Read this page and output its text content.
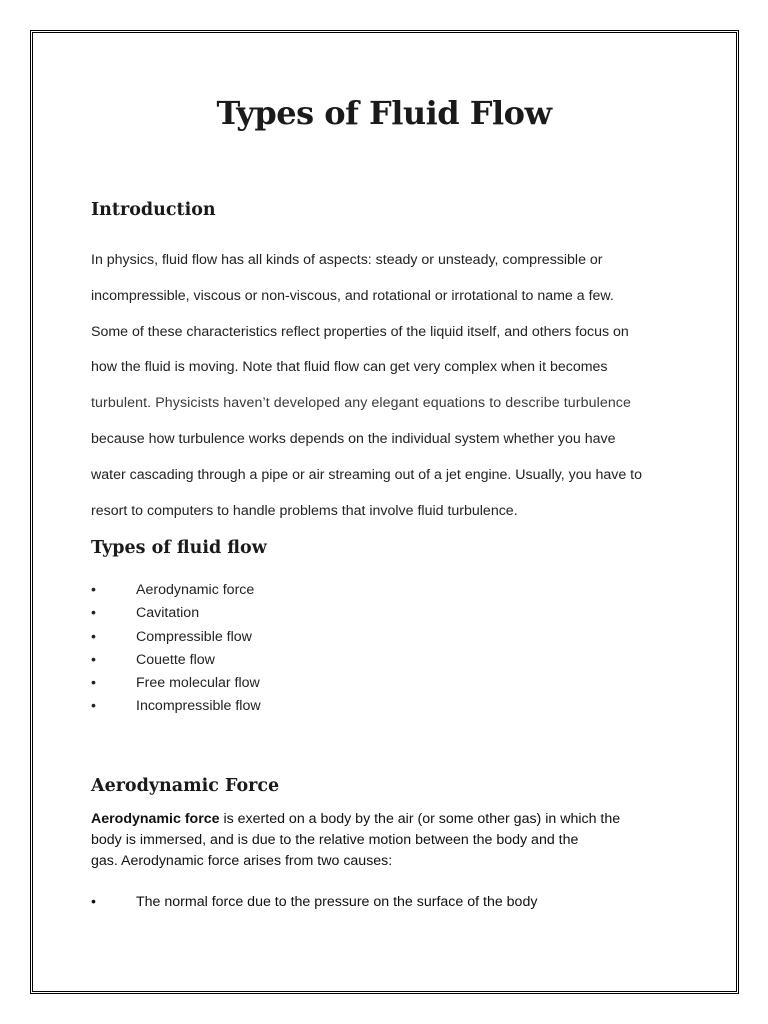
Types of Fluid Flow
Introduction

In physics, fluid flow has all kinds of aspects: steady or unsteady, compressible or
incompressible, viscous or non-viscous, and rotational or irrotational to name a few.
Some of these characteristics reflect properties of the liquid itself, and others focus on
how the fluid is moving. Note that fluid flow can get very complex when it becomes
turbulent. Physicists haven’t developed any elegant equations to describe turbulence
because how turbulence works depends on the individual system whether you have
water cascading through a pipe or air streaming out of a jet engine. Usually, you have to
resort to computers to handle problems that involve fluid turbulence.

Types of fluid flow
•	Aerodynamic force
•	Cavitation
•	Compressible flow
•	Couette flow
•	Free molecular flow
•	Incompressible flow
Aerodynamic Force

Aerodynamic force is exerted on a body by the air (or some other gas) in which the
body is immersed, and is due to the relative motion between the body and the
gas. Aerodynamic force arises from two causes:

•	The normal force due to the pressure on the surface of the body
